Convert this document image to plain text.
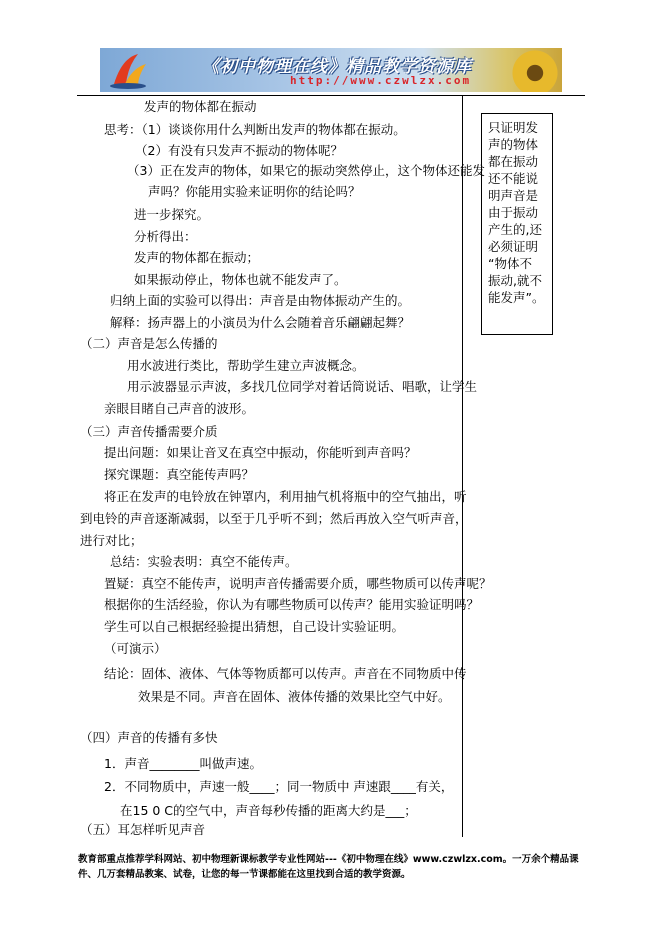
《初中物理在线》精品教学资源库
http://www.czwlzx.com
发声的物体都在振动
思考：（1）谈谈你用什么判断出发声的物体都在振动。
（2）有没有只发声不振动的物体呢？
（3）正在发声的物体，如果它的振动突然停止，这个物体还能发
声吗？你能用实验来证明你的结论吗？
进一步探究。
分析得出：
发声的物体都在振动；
如果振动停止，物体也就不能发声了。
归纳上面的实验可以得出：声音是由物体振动产生的。
解释：扬声器上的小演员为什么会随着音乐翩翩起舞？
（二）声音是怎么传播的
用水波进行类比，帮助学生建立声波概念。
用示波器显示声波，多找几位同学对着话筒说话、唱歌，让学生
亲眼目睹自己声音的波形。
（三）声音传播需要介质
提出问题：如果让音叉在真空中振动，你能听到声音吗？
探究课题：真空能传声吗？
将正在发声的电铃放在钟罩内，利用抽气机将瓶中的空气抽出，听
到电铃的声音逐渐减弱，以至于几乎听不到；然后再放入空气听声音，
进行对比；
总结：实验表明：真空不能传声。
置疑：真空不能传声，说明声音传播需要介质，哪些物质可以传声呢？
根据你的生活经验，你认为有哪些物质可以传声？能用实验证明吗？
学生可以自己根据经验提出猜想，自己设计实验证明。
（可演示）
结论：固体、液体、气体等物质都可以传声。声音在不同物质中传
效果是不同。声音在固体、液体传播的效果比空气中好。
（四）声音的传播有多快
1．声音________叫做声速。
2．不同物质中，声速一般____；同一物质中 声速跟____有关，
在15 0 C的空气中，声音每秒传播的距离大约是___；
（五）耳怎样听见声音
只证明发
声的物体
都在振动
还不能说
明声音是
由于振动
产生的,还
必须证明
“物体不
振动,就不
能发声”。
教育部重点推荐学科网站、初中物理新课标教学专业性网站---《初中物理在线》www.czwlzx.com。一万余个精品课
件、几万套精品教案、试卷，让您的每一节课都能在这里找到合适的教学资源。
